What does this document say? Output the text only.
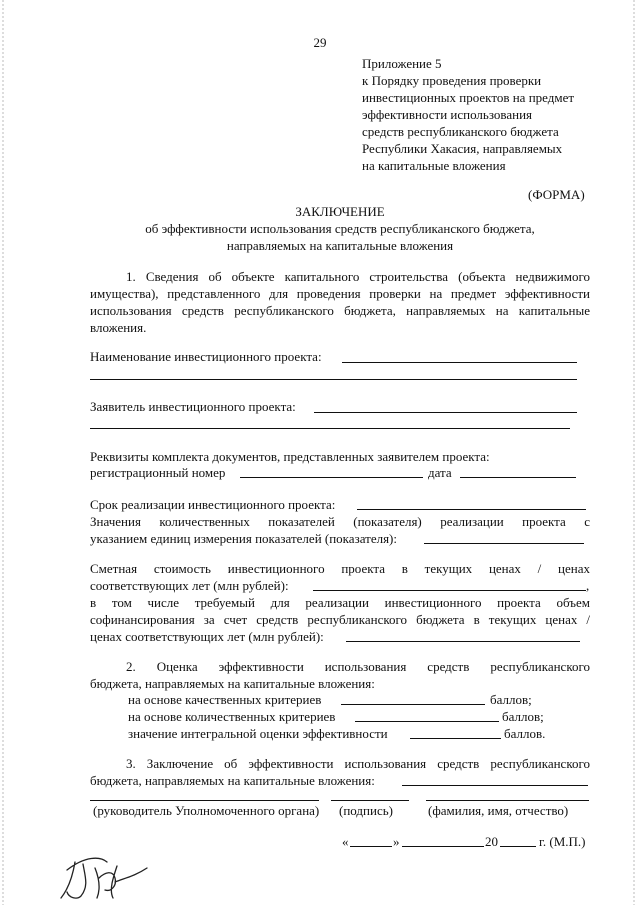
29
Приложение 5
к Порядку проведения проверки
инвестиционных проектов на предмет
эффективности использования
средств республиканского бюджета
Республики Хакасия, направляемых
на капитальные вложения
(ФОРМА)
ЗАКЛЮЧЕНИЕ
об эффективности использования средств республиканского бюджета,
направляемых на капитальные вложения
1. Сведения об объекте капитального строительства (объекта недвижимого
имущества), представленного для проведения проверки на предмет эффективности
использования средств республиканского бюджета, направляемых на капитальные
вложения.
Наименование инвестиционного проекта:
Заявитель инвестиционного проекта:
Реквизиты комплекта документов, представленных заявителем проекта:
регистрационный номер	дата
Срок реализации инвестиционного проекта:
Значения количественных показателей (показателя) реализации проекта с
указанием единиц измерения показателей (показателя):
Сметная стоимость инвестиционного проекта в текущих ценах / ценах
соответствующих лет (млн рублей):	,
в том числе требуемый для реализации инвестиционного проекта объем
софинансирования за счет средств республиканского бюджета в текущих ценах /
ценах соответствующих лет (млн рублей):
2. Оценка эффективности использования средств республиканского
бюджета, направляемых на капитальные вложения:
на основе качественных критериев	баллов;
на основе количественных критериев	баллов;
значение интегральной оценки эффективности	баллов.
3. Заключение об эффективности использования средств республиканского
бюджета, направляемых на капитальные вложения:
(руководитель Уполномоченного органа) (подпись)	(фамилия, имя, отчество)
«	»	20	г. (М.П.)
